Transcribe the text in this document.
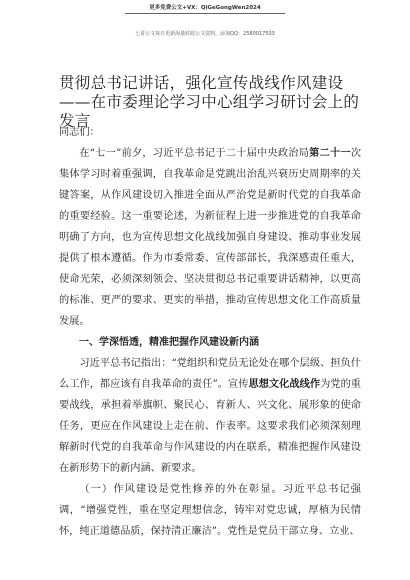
更多免费公文+VX：QiGeGongWen2024
七哥公文每日更新海量时政公文资料，添加QQ：2580017503
贯彻总书记讲话，强化宣传战线作风建设
——在市委理论学习中心组学习研讨会上的
发言

同志们：

在“七一”前夕，习近平总书记于二十届中央政治局第二十一次集体学习时着重强调，自我革命是党跳出治乱兴衰历史周期率的关键答案，从作风建设切入推进全面从严治党是新时代党的自我革命的重要经验。这一重要论述，为新征程上进一步推进党的自我革命明确了方向，也为宣传思想文化战线加强自身建设、推动事业发展提供了根本遵循。作为市委常委、宣传部部长，我深感责任重大，使命光荣，必须深刻领会、坚决贯彻总书记重要讲话精神，以更高的标准、更严的要求、更实的举措，推动宣传思想文化工作高质量发展。

一、学深悟透，精准把握作风建设新内涵

习近平总书记指出：“党组织和党员无论处在哪个层级、担负什么工作，都应该有自我革命的责任”。宣传思想文化战线作为党的重要战线，承担着举旗帜、聚民心、育新人、兴文化、展形象的使命任务，更应在作风建设上走在前、作表率。这要求我们必须深刻理解新时代党的自我革命与作风建设的内在联系，精准把握作风建设在新形势下的新内涵、新要求。

（一）作风建设是党性修养的外在彰显。习近平总书记强调，“增强党性，重在坚定理想信念，铸牢对党忠诚，厚植为民情怀，纯正道德品质，保持清正廉洁”。党性是党员干部立身、立业、
